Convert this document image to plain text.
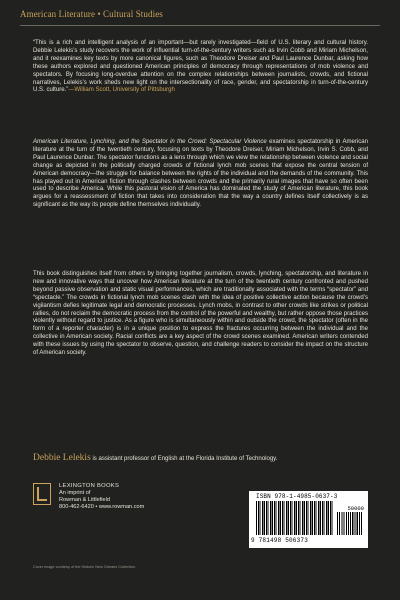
American Literature • Cultural Studies

“This is a rich and intelligent analysis of an important—but rarely investigated—field of U.S. literary and cultural history. Debbie Lelekis’s study recovers the work of influential turn-of-the-century writers such as Irvin Cobb and Miriam Michelson, and it reexamines key texts by more canonical figures, such as Theodore Dreiser and Paul Laurence Dunbar, asking how these authors explored and questioned American principles of democracy through representations of mob violence and spectators. By focusing long-overdue attention on the complex relationships between journalists, crowds, and fictional narratives, Lelekis’s work sheds new light on the intersectionality of race, gender, and spectatorship in turn-of-the-century U.S. culture.”—William Scott, University of Pittsburgh

American Literature, Lynching, and the Spectator in the Crowd: Spectacular Violence examines spectatorship in American literature at the turn of the twentieth century, focusing on texts by Theodore Dreiser, Miriam Michelson, Irvin S. Cobb, and Paul Laurence Dunbar. The spectator functions as a lens through which we view the relationship between violence and social change as depicted in the politically charged crowds of fictional lynch mob scenes that expose the central tension of American democracy—the struggle for balance between the rights of the individual and the demands of the community. This has played out in American fiction through clashes between crowds and the primarily rural images that have so often been used to describe America. While this pastoral vision of America has dominated the study of American literature, this book argues for a reassessment of fiction that takes into consideration that the way a country defines itself collectively is as significant as the way its people define themselves individually.

This book distinguishes itself from others by bringing together journalism, crowds, lynching, spectatorship, and literature in new and innovative ways that uncover how American literature at the turn of the twentieth century confronted and pushed beyond passive observation and static visual performances, which are traditionally associated with the terms “spectator” and “spectacle.” The crowds in fictional lynch mob scenes clash with the idea of positive collective action because the crowd’s vigilantism defies legitimate legal and democratic processes. Lynch mobs, in contrast to other crowds like strikes or political rallies, do not reclaim the democratic process from the control of the powerful and wealthy, but rather oppose those practices violently without regard to justice. As a figure who is simultaneously within and outside the crowd, the spectator (often in the form of a reporter character) is in a unique position to express the fractures occurring between the individual and the collective in American society. Racial conflicts are a key aspect of the crowd scenes examined. American writers contended with these issues by using the spectator to observe, question, and challenge readers to consider the impact on the structure of American society.

Debbie Lelekis is assistant professor of English at the Florida Institute of Technology.

LEXINGTON BOOKS
An imprint of
Rowman & Littlefield
800-462-6420 • www.rowman.com

Cover image courtesy of the Historic New Orleans Collection.

ISBN 978-1-4985-0637-3
50000
9 781498 506373
